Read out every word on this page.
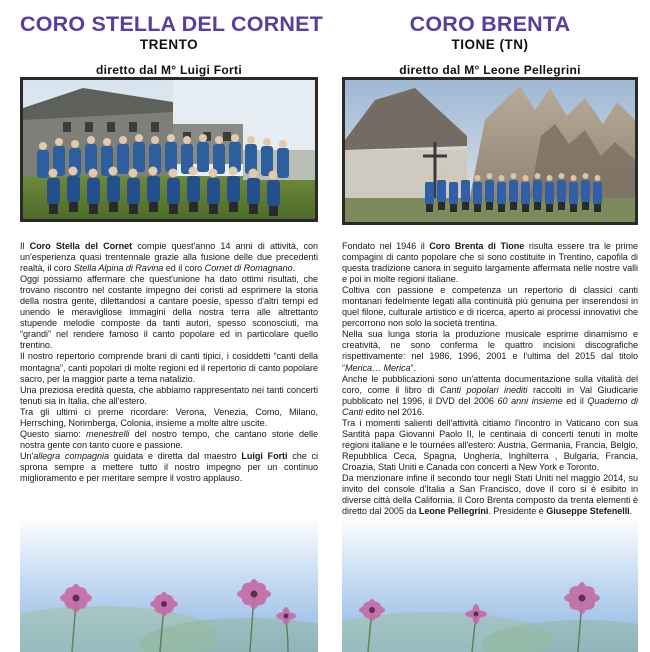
CORO STELLA DEL CORNET
TRENTO
diretto dal M° Luigi Forti

Il Coro Stella del Cornet compie quest'anno 14 anni di attività, con un'esperienza quasi trentennale grazie alla fusione delle due precedenti realtà, il coro Stella Alpina di Ravina ed il coro Cornet di Romagnano.

Oggi possiamo affermare che quest'unione ha dato ottimi risultati, che trovano riscontro nel costante impegno dei coristi ad esprimere la storia della nostra gente, dilettandosi a cantare poesie, spesso d'altri tempi ed unendo le meravigliose immagini della nostra terra alle altrettanto stupende melodie composte da tanti autori, spesso sconosciuti, ma “grandi” nel rendere famoso il canto popolare ed in particolare quello trentino.

Il nostro repertorio comprende brani di canti tipici, i cosiddetti “canti della montagna”, canti popolari di molte regioni ed il repertorio di canto popolare sacro, per la maggior parte a tema natalizio.

Una preziosa eredità questa, che abbiamo rappresentato nei tanti concerti tenuti sia in Italia, che all'estero.

Tra gli ultimi ci preme ricordare: Verona, Venezia, Como, Milano, Herrsching, Norimberga, Colonia, insieme a molte altre uscite.

Questo siamo: menestrelli del nostro tempo, che cantano storie delle nostra gente con tanto cuore e passione.

Un'allegra compagnia guidata e diretta dal maestro Luigi Forti che ci sprona sempre a mettere tutto il nostro impegno per un continuo miglioramento e per meritare sempre il vostro applauso.

CORO BRENTA
TIONE (TN)
diretto dal M° Leone Pellegrini

Fondato nel 1946 il Coro Brenta di Tione risulta essere tra le prime compagini di canto popolare che si sono costituite in Trentino, capofila di questa tradizione canora in seguito largamente affermata nelle nostre valli e poi in molte regioni italiane.

Coltiva con passione e competenza un repertorio di classici canti montanari fedelmente legati alla continuità più genuina per inserendosi in quel filone, culturale artistico e di ricerca, aperto ai processi innovativi che percorrono non solo la società trentina.

Nella sua lunga storia la produzione musicale esprime dinamismo e creatività, ne sono conferma le quattro incisioni discografiche rispettivamente: nel 1986, 1996, 2001 e l'ultima del 2015 dal titolo “Merica… Merica”.

Anche le pubblicazioni sono un'attenta documentazione sulla vitalità del coro, come il libro di Canti popolari inediti raccolti in Val Giudicarie pubblicato nel 1996, il DVD del 2006 60 anni insieme ed il Quaderno di Canti edito nel 2016.

Tra i momenti salienti dell'attività citiamo l'incontro in Vaticano con sua Santità papa Giovanni Paolo II, le centinaia di concerti tenuti in molte regioni italiane e le tournées all'estero: Austria, Germania, Francia, Belgio, Repubblica Ceca, Spagna, Ungheria, Inghilterra , Bulgaria, Francia, Croazia, Stati Uniti e Canada con concerti a New York e Toronto.

Da menzionare infine il secondo tour negli Stati Uniti nel maggio 2014, su invito del console d'Italia a San Francisco, dove il coro si è esibito in diverse città della California. Il Coro Brenta composto da trenta elementi è diretto dal 2005 da Leone Pellegrini. Presidente è Giuseppe Stefenelli.
